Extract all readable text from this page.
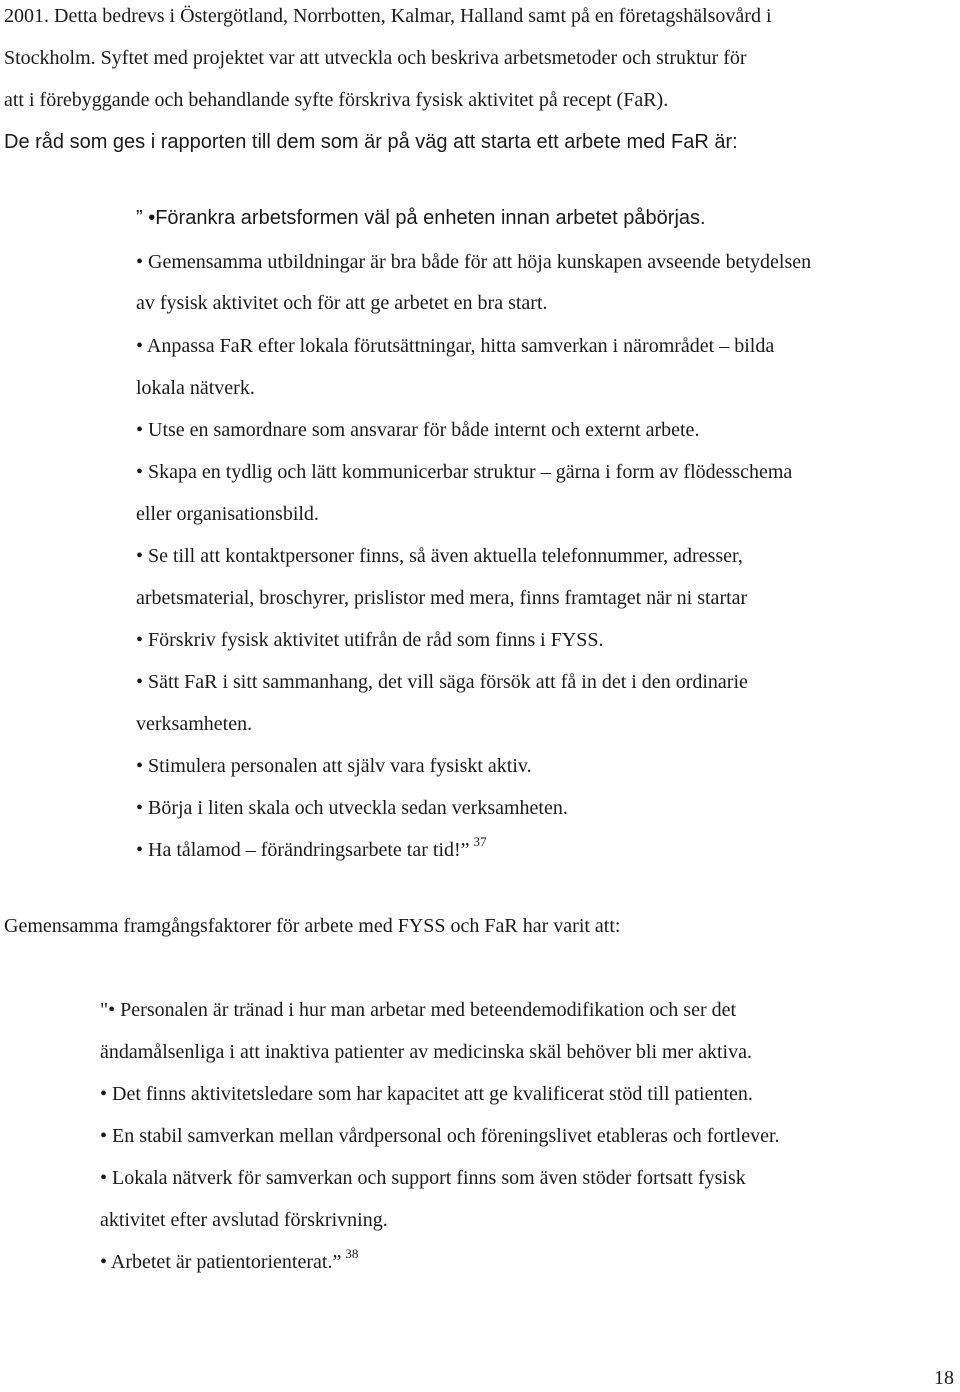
2001. Detta bedrevs i Östergötland, Norrbotten, Kalmar, Halland samt på en företagshälsovård i
Stockholm. Syftet med projektet var att utveckla och beskriva arbetsmetoder och struktur för
att i förebyggande och behandlande syfte förskriva fysisk aktivitet på recept (FaR).
De råd som ges i rapporten till dem som är på väg att starta ett arbete med FaR är:
” •Förankra arbetsformen väl på enheten innan arbetet påbörjas.
• Gemensamma utbildningar är bra både för att höja kunskapen avseende betydelsen
av fysisk aktivitet och för att ge arbetet en bra start.
• Anpassa FaR efter lokala förutsättningar, hitta samverkan i närområdet – bilda
lokala nätverk.
• Utse en samordnare som ansvarar för både internt och externt arbete.
• Skapa en tydlig och lätt kommunicerbar struktur – gärna i form av flödesschema
eller organisationsbild.
• Se till att kontaktpersoner finns, så även aktuella telefonnummer, adresser,
arbetsmaterial, broschyrer, prislistor med mera, finns framtaget när ni startar
• Förskriv fysisk aktivitet utifrån de råd som finns i FYSS.
• Sätt FaR i sitt sammanhang, det vill säga försök att få in det i den ordinarie
verksamheten.
• Stimulera personalen att själv vara fysiskt aktiv.
• Börja i liten skala och utveckla sedan verksamheten.
• Ha tålamod – förändringsarbete tar tid!” $^{37}$
Gemensamma framgångsfaktorer för arbete med FYSS och FaR har varit att:
"• Personalen är tränad i hur man arbetar med beteendemodifikation och ser det
ändamålsenliga i att inaktiva patienter av medicinska skäl behöver bli mer aktiva.
• Det finns aktivitetsledare som har kapacitet att ge kvalificerat stöd till patienten.
• En stabil samverkan mellan vårdpersonal och föreningslivet etableras och fortlever.
• Lokala nätverk för samverkan och support finns som även stöder fortsatt fysisk
aktivitet efter avslutad förskrivning.
• Arbetet är patientorienterat.” $^{38}$
18
